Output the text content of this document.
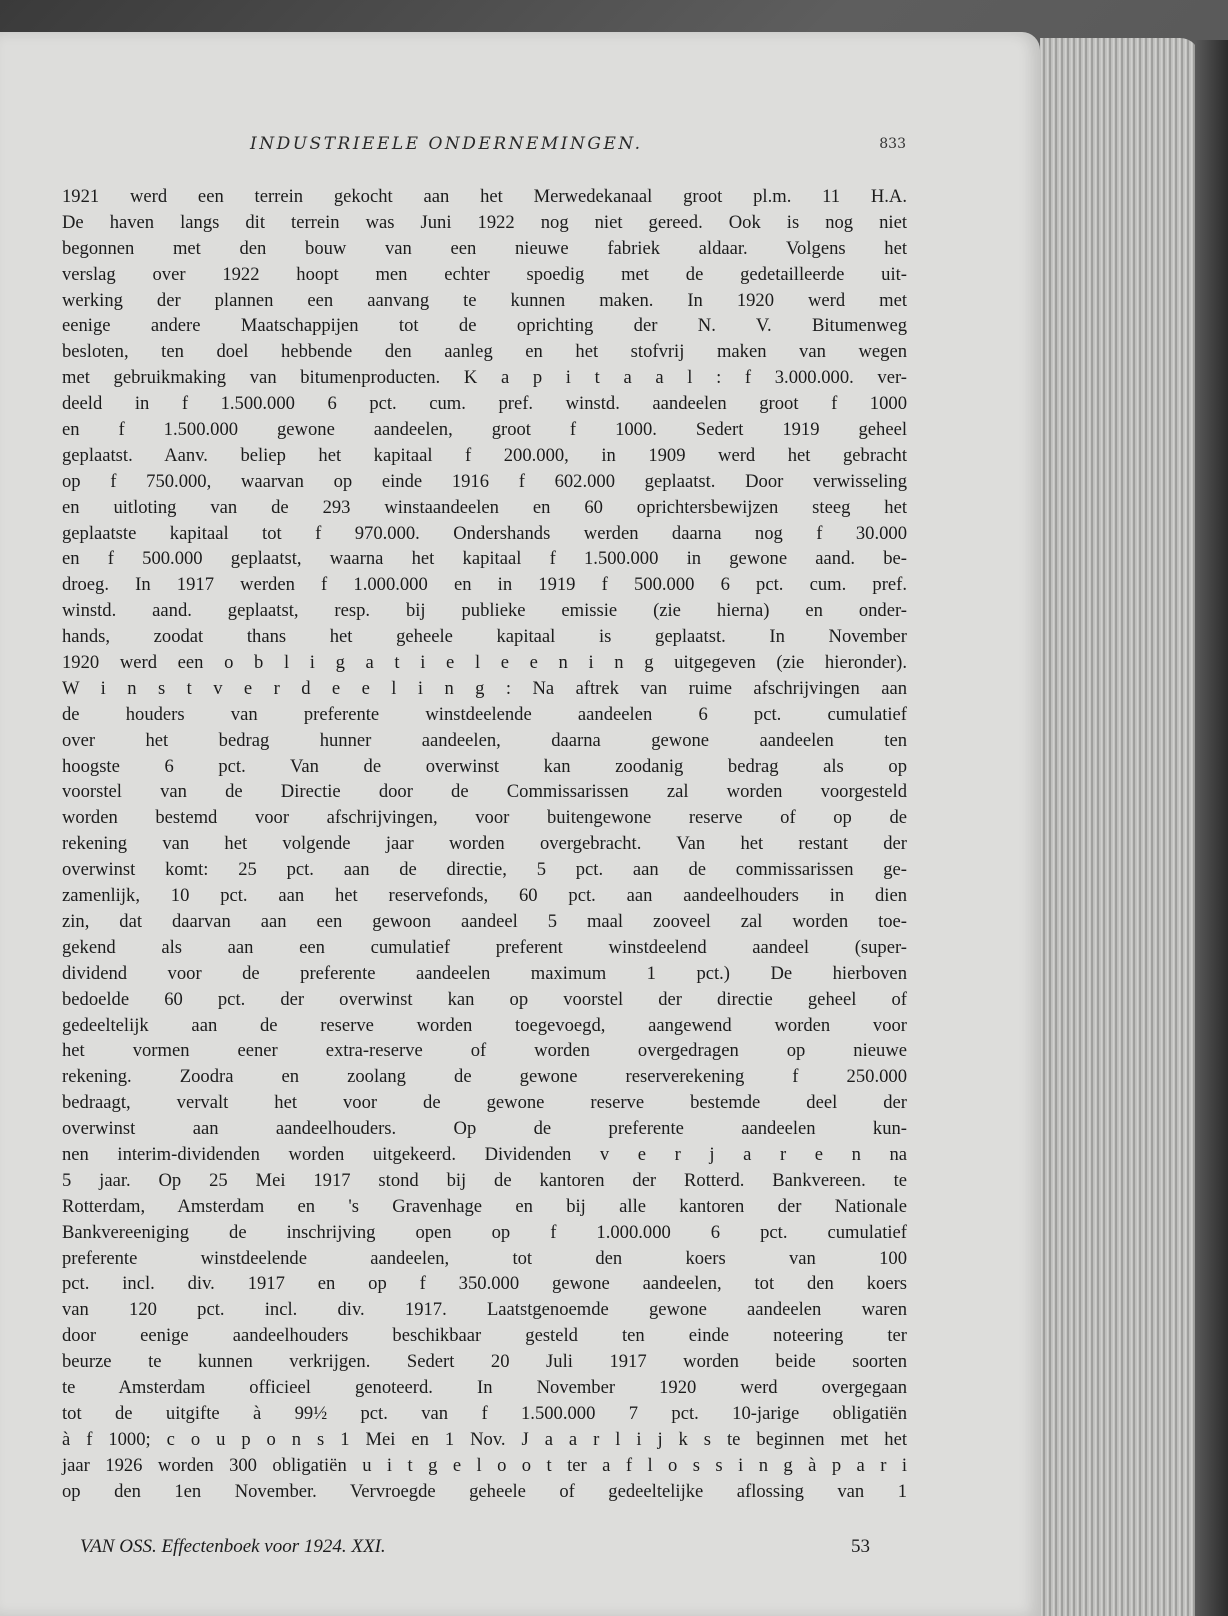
INDUSTRIEELE ONDERNEMINGEN.	833
1921 werd een terrein gekocht aan het Merwedekanaal groot pl.m. 11 H.A.
De haven langs dit terrein was Juni 1922 nog niet gereed. Ook is nog niet
begonnen met den bouw van een nieuwe fabriek aldaar. Volgens het
verslag over 1922 hoopt men echter spoedig met de gedetailleerde uit-
werking der plannen een aanvang te kunnen maken. In 1920 werd met
eenige andere Maatschappijen tot de oprichting der N. V. Bitumenweg
besloten, ten doel hebbende den aanleg en het stofvrij maken van wegen
met gebruikmaking van bitumenproducten. K a p i t a a l : f 3.000.000. ver-
deeld in f 1.500.000 6 pct. cum. pref. winstd. aandeelen groot f 1000
en f 1.500.000 gewone aandeelen, groot f 1000. Sedert 1919 geheel
geplaatst. Aanv. beliep het kapitaal f 200.000, in 1909 werd het gebracht
op f 750.000, waarvan op einde 1916 f 602.000 geplaatst. Door verwisseling
en uitloting van de 293 winstaandeelen en 60 oprichtersbewijzen steeg het
geplaatste kapitaal tot f 970.000. Ondershands werden daarna nog f 30.000
en f 500.000 geplaatst, waarna het kapitaal f 1.500.000 in gewone aand. be-
droeg. In 1917 werden f 1.000.000 en in 1919 f 500.000 6 pct. cum. pref.
winstd. aand. geplaatst, resp. bij publieke emissie (zie hierna) en onder-
hands, zoodat thans het geheele kapitaal is geplaatst. In November
1920 werd een o b l i g a t i e l e e n i n g uitgegeven (zie hieronder).
W i n s t v e r d e e l i n g : Na aftrek van ruime afschrijvingen aan
de houders van preferente winstdeelende aandeelen 6 pct. cumulatief
over het bedrag hunner aandeelen, daarna gewone aandeelen ten
hoogste 6 pct. Van de overwinst kan zoodanig bedrag als op
voorstel van de Directie door de Commissarissen zal worden voorgesteld
worden bestemd voor afschrijvingen, voor buitengewone reserve of op de
rekening van het volgende jaar worden overgebracht. Van het restant der
overwinst komt: 25 pct. aan de directie, 5 pct. aan de commissarissen ge-
zamenlijk, 10 pct. aan het reservefonds, 60 pct. aan aandeelhouders in dien
zin, dat daarvan aan een gewoon aandeel 5 maal zooveel zal worden toe-
gekend als aan een cumulatief preferent winstdeelend aandeel (super-
dividend voor de preferente aandeelen maximum 1 pct.) De hierboven
bedoelde 60 pct. der overwinst kan op voorstel der directie geheel of
gedeeltelijk aan de reserve worden toegevoegd, aangewend worden voor
het vormen eener extra-reserve of worden overgedragen op nieuwe
rekening. Zoodra en zoolang de gewone reserverekening f 250.000
bedraagt, vervalt het voor de gewone reserve bestemde deel der
overwinst aan aandeelhouders. Op de preferente aandeelen kun-
nen interim-dividenden worden uitgekeerd. Dividenden v e r j a r e n na
5 jaar. Op 25 Mei 1917 stond bij de kantoren der Rotterd. Bankvereen. te
Rotterdam, Amsterdam en 's Gravenhage en bij alle kantoren der Nationale
Bankvereeniging de inschrijving open op f 1.000.000 6 pct. cumulatief
preferente winstdeelende aandeelen, tot den koers van 100
pct. incl. div. 1917 en op f 350.000 gewone aandeelen, tot den koers
van 120 pct. incl. div. 1917. Laatstgenoemde gewone aandeelen waren
door eenige aandeelhouders beschikbaar gesteld ten einde noteering ter
beurze te kunnen verkrijgen. Sedert 20 Juli 1917 worden beide soorten
te Amsterdam officieel genoteerd. In November 1920 werd overgegaan
tot de uitgifte à 99½ pct. van f 1.500.000 7 pct. 10-jarige obligatiën
à f 1000; c o u p o n s 1 Mei en 1 Nov. J a a r l i j k s te beginnen met het
jaar 1926 worden 300 obligatiën u i t g e l o o t ter a f l o s s i n g à p a r i
op den 1en November. Vervroegde geheele of gedeeltelijke aflossing van 1
VAN OSS. Effectenboek voor 1924. XXI.	53
